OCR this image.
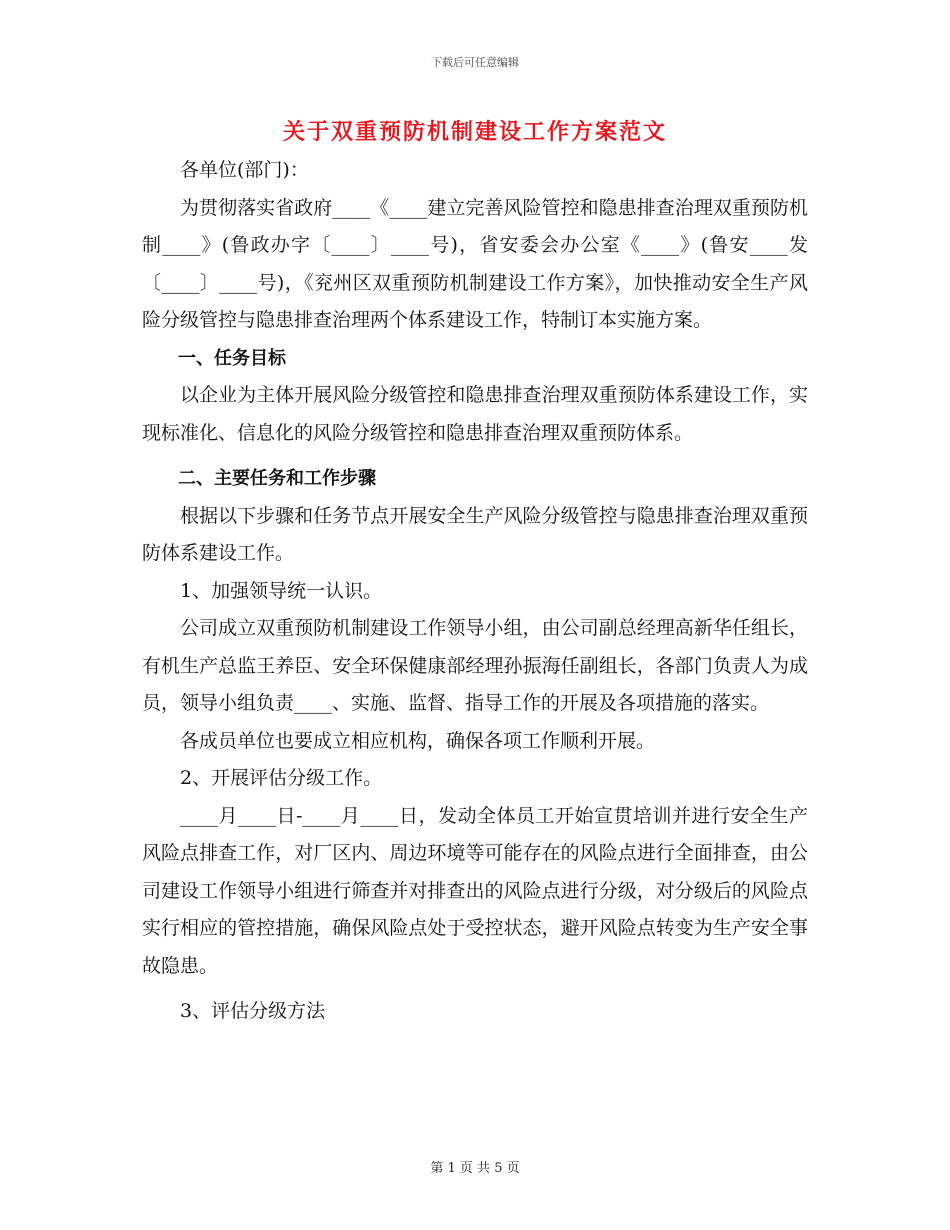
下载后可任意编辑
关于双重预防机制建设工作方案范文

各单位(部门)：

为贯彻落实省政府____《____建立完善风险管控和隐患排查治理双重预防机制____》(鲁政办字〔____〕____号)，省安委会办公室《____》(鲁安____发〔____〕____号)，《兖州区双重预防机制建设工作方案》，加快推动安全生产风险分级管控与隐患排查治理两个体系建设工作，特制订本实施方案。

一、任务目标

以企业为主体开展风险分级管控和隐患排查治理双重预防体系建设工作，实现标准化、信息化的风险分级管控和隐患排查治理双重预防体系。

二、主要任务和工作步骤

根据以下步骤和任务节点开展安全生产风险分级管控与隐患排查治理双重预防体系建设工作。

1、加强领导统一认识。

公司成立双重预防机制建设工作领导小组，由公司副总经理高新华任组长，有机生产总监王养臣、安全环保健康部经理孙振海任副组长，各部门负责人为成员，领导小组负责____、实施、监督、指导工作的开展及各项措施的落实。

各成员单位也要成立相应机构，确保各项工作顺利开展。

2、开展评估分级工作。

____月____日-____月____日，发动全体员工开始宣贯培训并进行安全生产风险点排查工作，对厂区内、周边环境等可能存在的风险点进行全面排查，由公司建设工作领导小组进行筛查并对排查出的风险点进行分级，对分级后的风险点实行相应的管控措施，确保风险点处于受控状态，避开风险点转变为生产安全事故隐患。

3、评估分级方法

第 1 页 共 5 页
